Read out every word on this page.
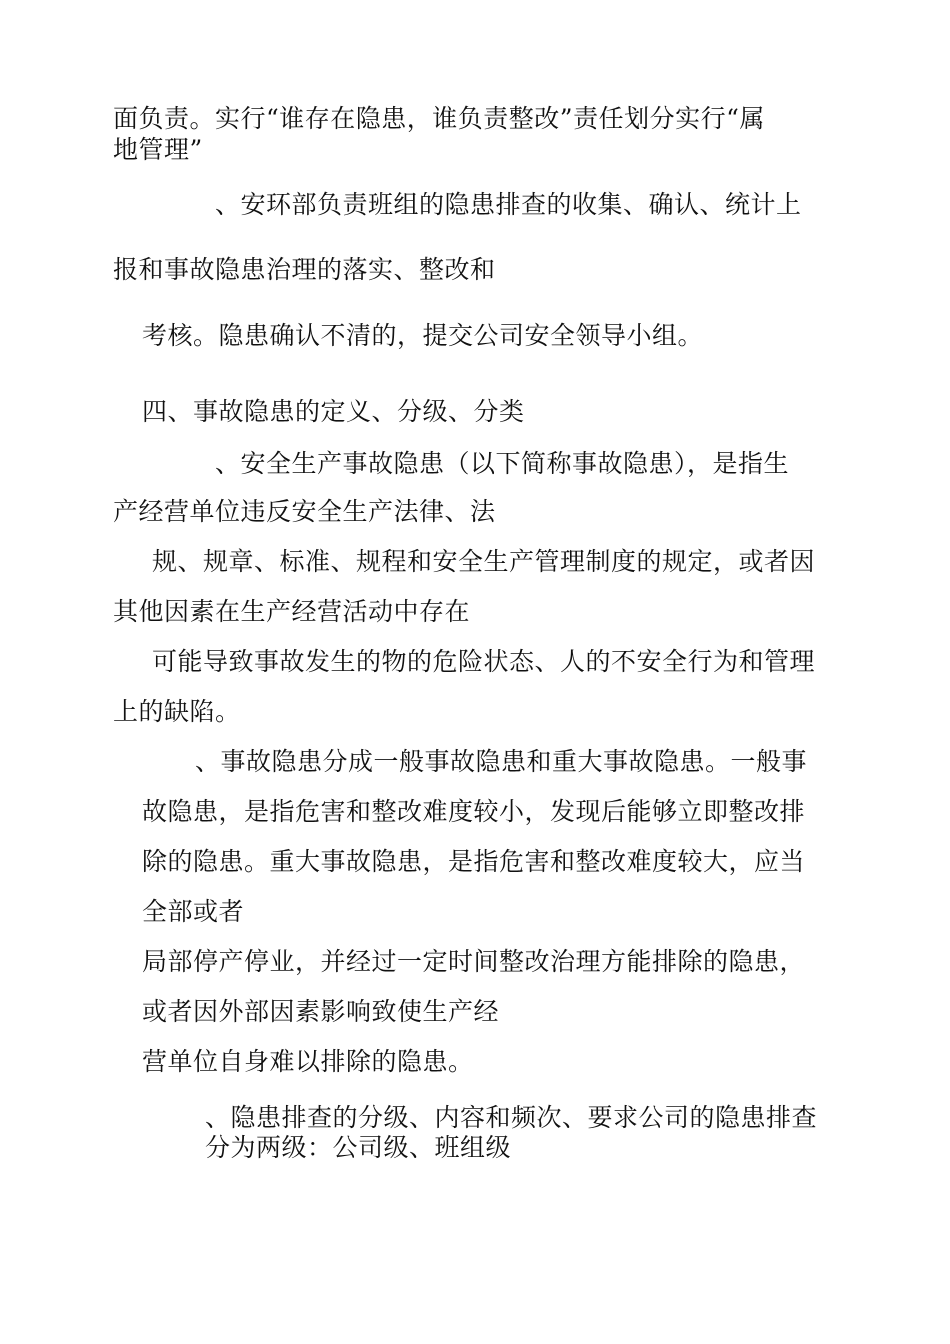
面负责。实行“谁存在隐患，谁负责整改”责任划分实行“属
地管理”
、安环部负责班组的隐患排查的收集、确认、统计上
报和事故隐患治理的落实、整改和
考核。隐患确认不清的，提交公司安全领导小组。
四、事故隐患的定义、分级、分类
、安全生产事故隐患（以下简称事故隐患），是指生
产经营单位违反安全生产法律、法
规、规章、标准、规程和安全生产管理制度的规定，或者因
其他因素在生产经营活动中存在
可能导致事故发生的物的危险状态、人的不安全行为和管理
上的缺陷。
、事故隐患分成一般事故隐患和重大事故隐患。一般事
故隐患，是指危害和整改难度较小，发现后能够立即整改排
除的隐患。重大事故隐患，是指危害和整改难度较大，应当
全部或者
局部停产停业，并经过一定时间整改治理方能排除的隐患，
或者因外部因素影响致使生产经
营单位自身难以排除的隐患。
、隐患排查的分级、内容和频次、要求公司的隐患排查
分为两级：公司级、班组级
